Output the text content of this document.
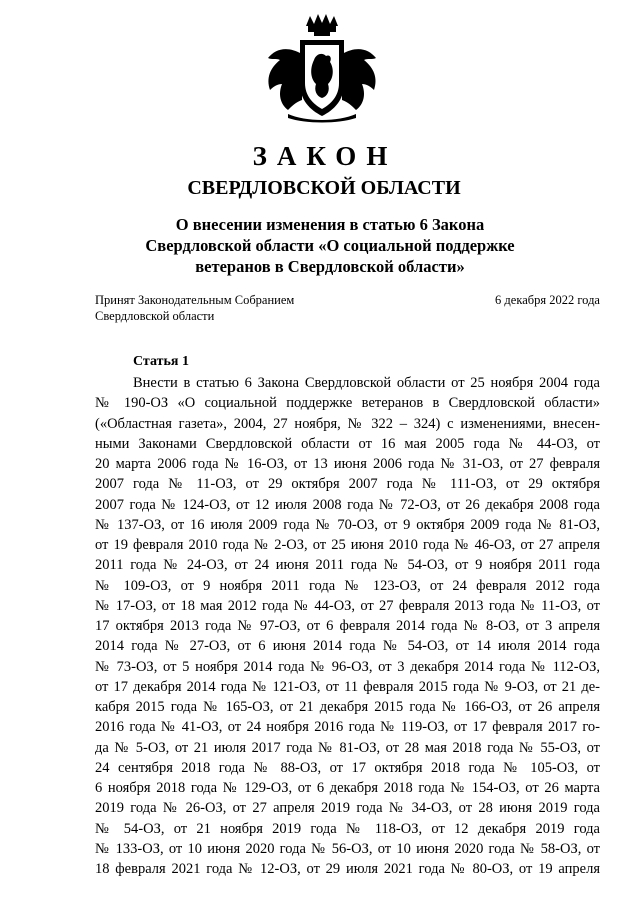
ЗАКОН
СВЕРДЛОВСКОЙ ОБЛАСТИ
О внесении изменения в статью 6 Закона
Свердловской области «О социальной поддержке
ветеранов в Свердловской области»
Принят Законодательным Собранием
Свердловской области
6 декабря 2022 года
Статья 1
Внести в статью 6 Закона Свердловской области от 25 ноября 2004 года
№ 190-ОЗ «О социальной поддержке ветеранов в Свердловской области»
(«Областная газета», 2004, 27 ноября, № 322 – 324) с изменениями, внесен-
ными Законами Свердловской области от 16 мая 2005 года № 44-ОЗ, от
20 марта 2006 года № 16-ОЗ, от 13 июня 2006 года № 31-ОЗ, от 27 февраля
2007 года № 11-ОЗ, от 29 октября 2007 года № 111-ОЗ, от 29 октября
2007 года № 124-ОЗ, от 12 июля 2008 года № 72-ОЗ, от 26 декабря 2008 года
№ 137-ОЗ, от 16 июля 2009 года № 70-ОЗ, от 9 октября 2009 года № 81-ОЗ,
от 19 февраля 2010 года № 2-ОЗ, от 25 июня 2010 года № 46-ОЗ, от 27 апреля
2011 года № 24-ОЗ, от 24 июня 2011 года № 54-ОЗ, от 9 ноября 2011 года
№ 109-ОЗ, от 9 ноября 2011 года № 123-ОЗ, от 24 февраля 2012 года
№ 17-ОЗ, от 18 мая 2012 года № 44-ОЗ, от 27 февраля 2013 года № 11-ОЗ, от
17 октября 2013 года № 97-ОЗ, от 6 февраля 2014 года № 8-ОЗ, от 3 апреля
2014 года № 27-ОЗ, от 6 июня 2014 года № 54-ОЗ, от 14 июля 2014 года
№ 73-ОЗ, от 5 ноября 2014 года № 96-ОЗ, от 3 декабря 2014 года № 112-ОЗ,
от 17 декабря 2014 года № 121-ОЗ, от 11 февраля 2015 года № 9-ОЗ, от 21 де-
кабря 2015 года № 165-ОЗ, от 21 декабря 2015 года № 166-ОЗ, от 26 апреля
2016 года № 41-ОЗ, от 24 ноября 2016 года № 119-ОЗ, от 17 февраля 2017 го-
да № 5-ОЗ, от 21 июля 2017 года № 81-ОЗ, от 28 мая 2018 года № 55-ОЗ, от
24 сентября 2018 года № 88-ОЗ, от 17 октября 2018 года № 105-ОЗ, от
6 ноября 2018 года № 129-ОЗ, от 6 декабря 2018 года № 154-ОЗ, от 26 марта
2019 года № 26-ОЗ, от 27 апреля 2019 года № 34-ОЗ, от 28 июня 2019 года
№ 54-ОЗ, от 21 ноября 2019 года № 118-ОЗ, от 12 декабря 2019 года
№ 133-ОЗ, от 10 июня 2020 года № 56-ОЗ, от 10 июня 2020 года № 58-ОЗ, от
18 февраля 2021 года № 12-ОЗ, от 29 июля 2021 года № 80-ОЗ, от 19 апреля
